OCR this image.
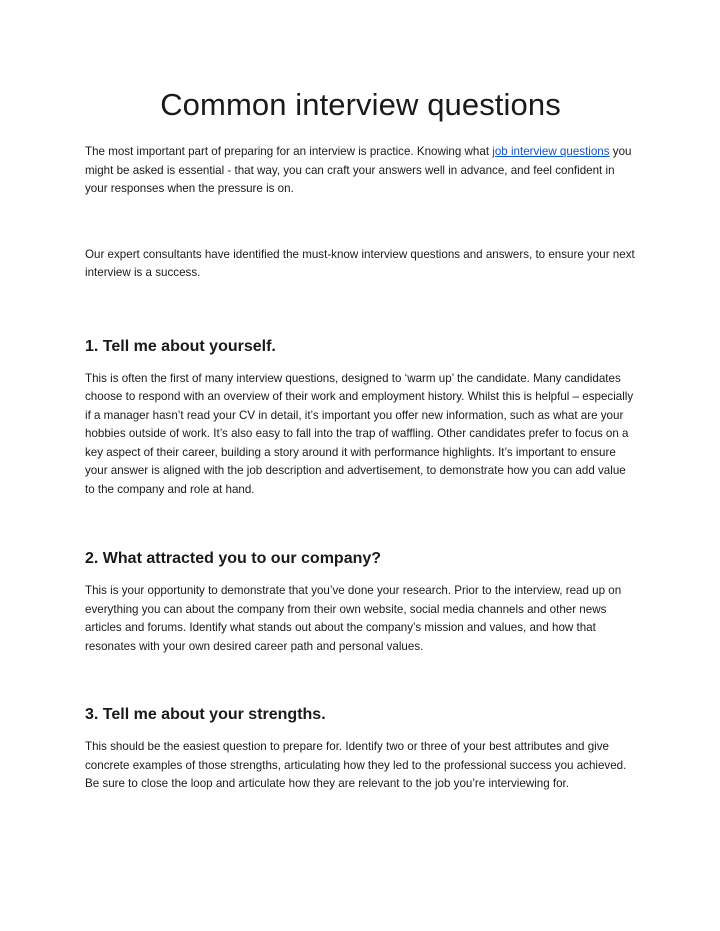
Common interview questions

The most important part of preparing for an interview is practice. Knowing what job interview questions you might be asked is essential - that way, you can craft your answers well in advance, and feel confident in your responses when the pressure is on.

Our expert consultants have identified the must-know interview questions and answers, to ensure your next interview is a success.

1. Tell me about yourself.

This is often the first of many interview questions, designed to ‘warm up’ the candidate. Many candidates choose to respond with an overview of their work and employment history. Whilst this is helpful – especially if a manager hasn’t read your CV in detail, it’s important you offer new information, such as what are your hobbies outside of work. It’s also easy to fall into the trap of waffling. Other candidates prefer to focus on a key aspect of their career, building a story around it with performance highlights. It’s important to ensure your answer is aligned with the job description and advertisement, to demonstrate how you can add value to the company and role at hand.

2. What attracted you to our company?

This is your opportunity to demonstrate that you’ve done your research. Prior to the interview, read up on everything you can about the company from their own website, social media channels and other news articles and forums. Identify what stands out about the company’s mission and values, and how that resonates with your own desired career path and personal values.

3. Tell me about your strengths.

This should be the easiest question to prepare for. Identify two or three of your best attributes and give concrete examples of those strengths, articulating how they led to the professional success you achieved. Be sure to close the loop and articulate how they are relevant to the job you’re interviewing for.
